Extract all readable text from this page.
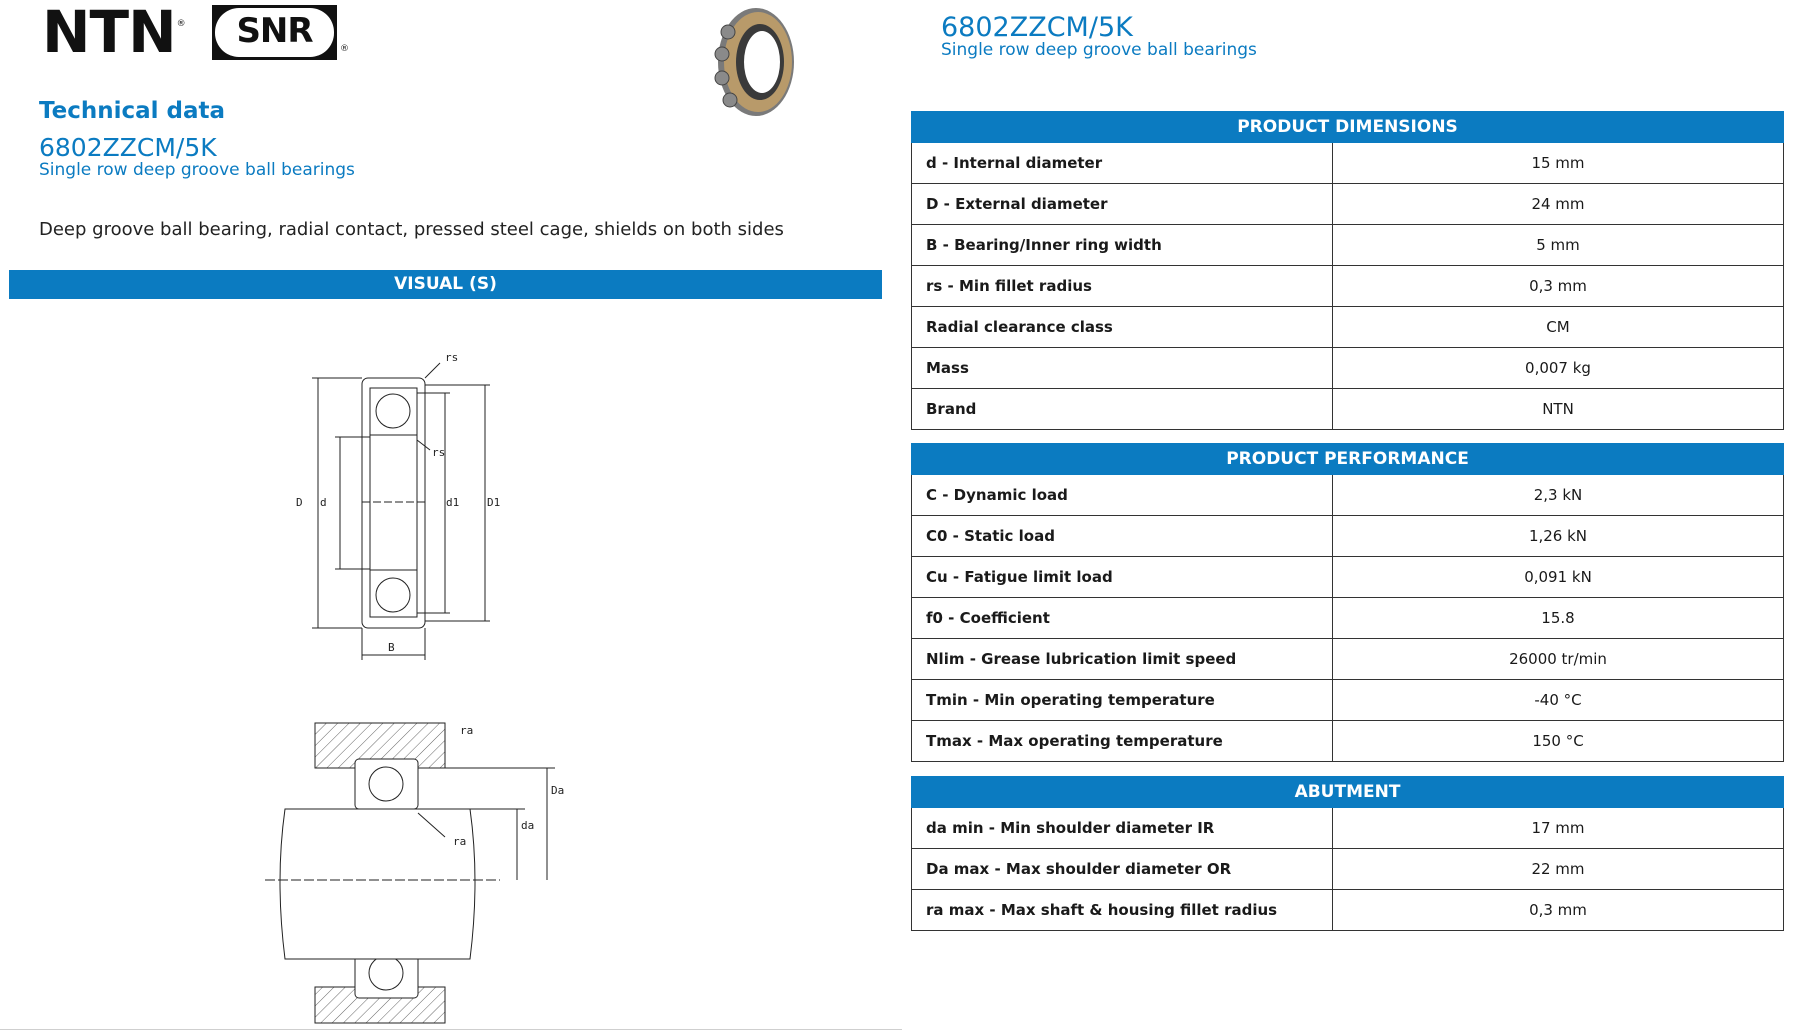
NTN®	SNR	®
Technical data
6802ZZCM/5K
Single row deep groove ball bearings
Deep groove ball bearing, radial contact, pressed steel cage, shields on both sides
VISUAL (S)
rs
rs
D d	d1	D1
B
ra
Da
da
ra
6802ZZCM/5K
Single row deep groove ball bearings
PRODUCT DIMENSIONS	
d - Internal diameter	15 mm
D - External diameter	24 mm
B - Bearing/Inner ring width	5 mm
rs - Min fillet radius	0,3 mm
Radial clearance class	CM
Mass	0,007 kg
Brand	NTN
PRODUCT PERFORMANCE	
C - Dynamic load	2,3 kN
C0 - Static load	1,26 kN
Cu - Fatigue limit load	0,091 kN
f0 - Coefficient	15.8
Nlim - Grease lubrication limit speed	26000 tr/min
Tmin - Min operating temperature	-40 °C
Tmax - Max operating temperature	150 °C
ABUTMENT	
da min - Min shoulder diameter IR	17 mm
Da max - Max shoulder diameter OR	22 mm
ra max - Max shaft & housing fillet radius	0,3 mm
